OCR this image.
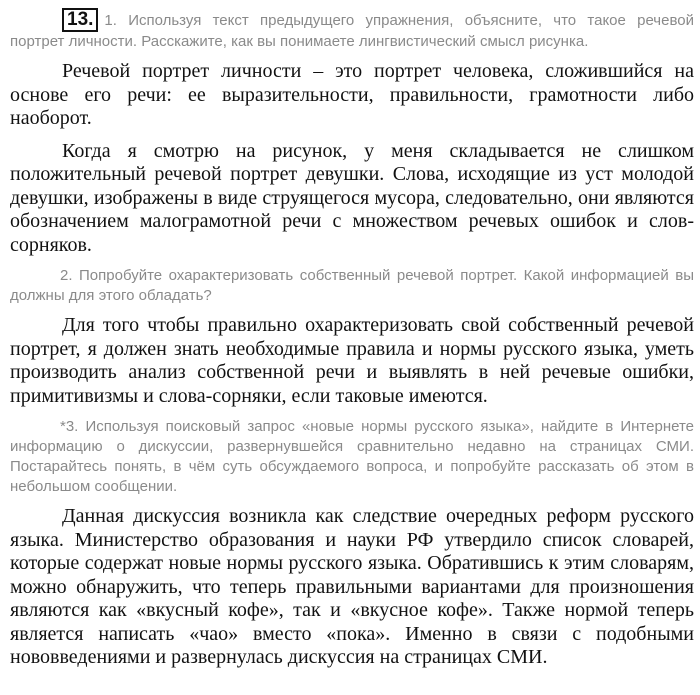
13. 1. Используя текст предыдущего упражнения, объясните, что такое речевой портрет личности. Расскажите, как вы понимаете лингвистический смысл рисунка.

Речевой портрет личности – это портрет человека, сложившийся на основе его речи: ее выразительности, правильности, грамотности либо наоборот.

Когда я смотрю на рисунок, у меня складывается не слишком положительный речевой портрет девушки. Слова, исходящие из уст молодой девушки, изображены в виде струящегося мусора, следовательно, они являются обозначением малограмотной речи с множеством речевых ошибок и слов-сорняков.

2. Попробуйте охарактеризовать собственный речевой портрет. Какой информацией вы должны для этого обладать?

Для того чтобы правильно охарактеризовать свой собственный речевой портрет, я должен знать необходимые правила и нормы русского языка, уметь производить анализ собственной речи и выявлять в ней речевые ошибки, примитивизмы и слова-сорняки, если таковые имеются.

*3. Используя поисковый запрос «новые нормы русского языка», найдите в Интернете информацию о дискуссии, развернувшейся сравнительно недавно на страницах СМИ. Постарайтесь понять, в чём суть обсуждаемого вопроса, и попробуйте рассказать об этом в небольшом сообщении.

Данная дискуссия возникла как следствие очередных реформ русского языка. Министерство образования и науки РФ утвердило список словарей, которые содержат новые нормы русского языка. Обратившись к этим словарям, можно обнаружить, что теперь правильными вариантами для произношения являются как «вкусный кофе», так и «вкусное кофе». Также нормой теперь является написать «чао» вместо «пока». Именно в связи с подобными нововведениями и развернулась дискуссия на страницах СМИ.
